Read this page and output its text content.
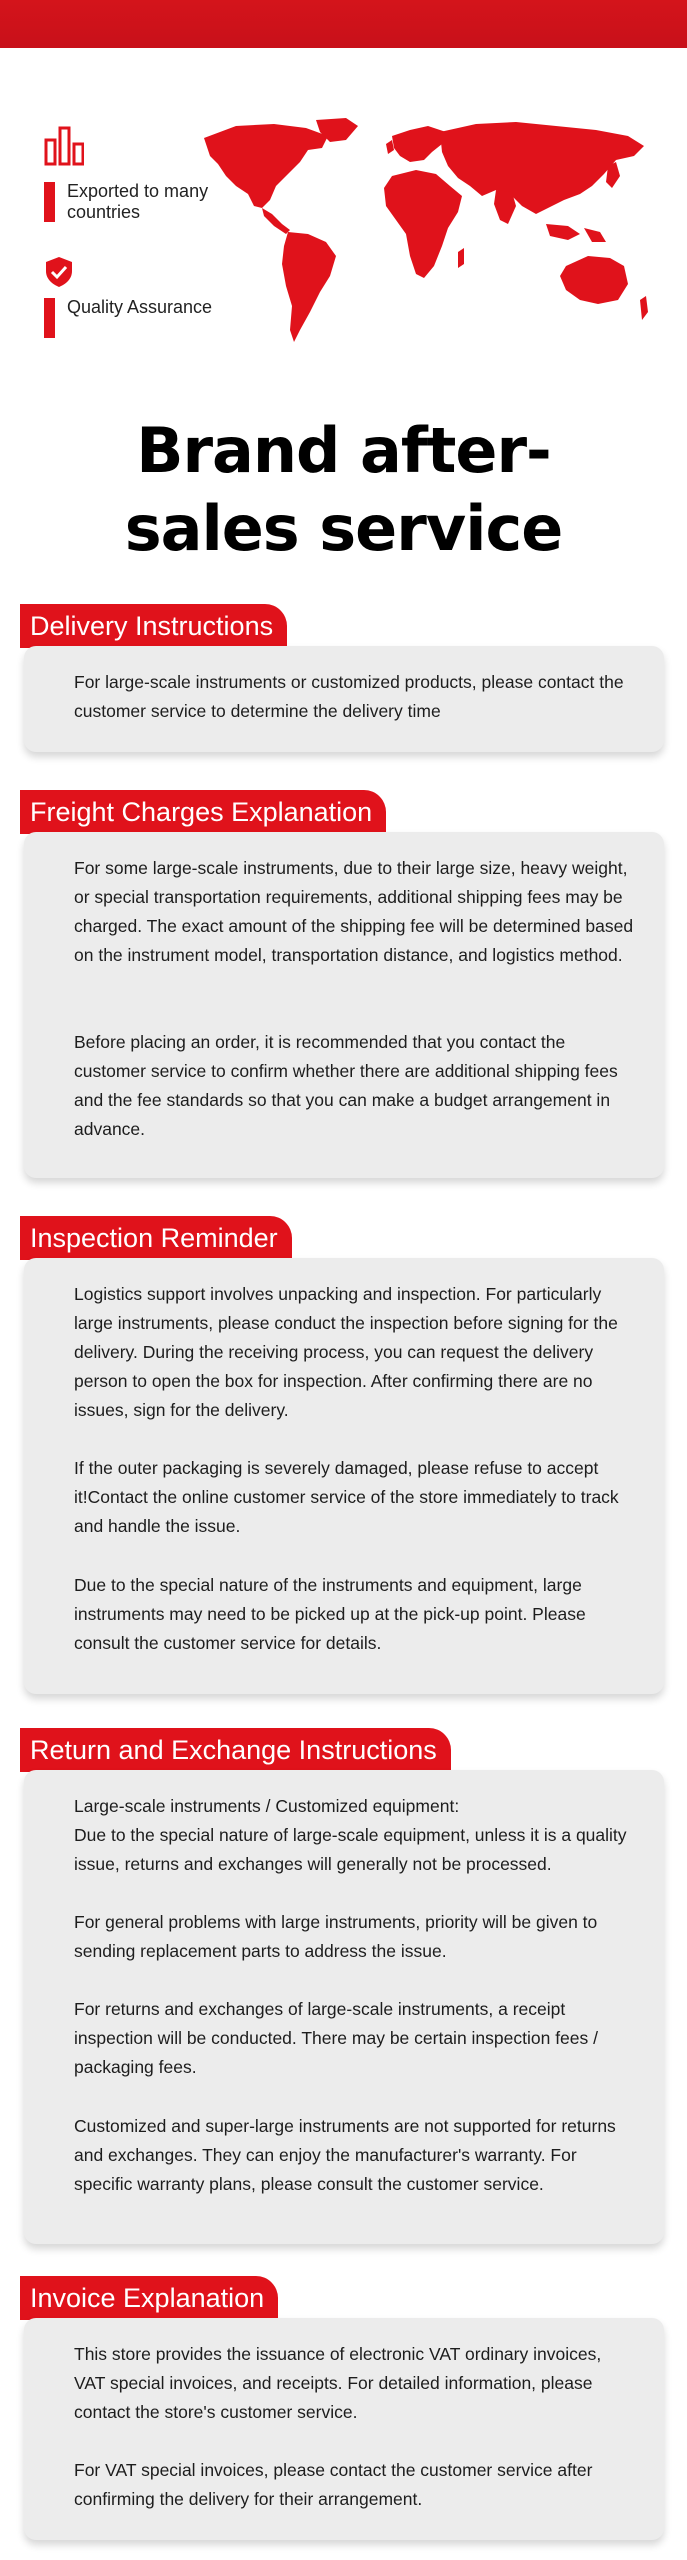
Exported to many countries
Quality Assurance
Brand after-
sales service
Delivery Instructions

For large-scale instruments or customized products, please contact the customer service to determine the delivery time

Freight Charges Explanation

For some large-scale instruments, due to their large size, heavy weight, or special transportation requirements, additional shipping fees may be charged. The exact amount of the shipping fee will be determined based on the instrument model, transportation distance, and logistics method.

Before placing an order, it is recommended that you contact the customer service to confirm whether there are additional shipping fees and the fee standards so that you can make a budget arrangement in advance.

Inspection Reminder

Logistics support involves unpacking and inspection. For particularly large instruments, please conduct the inspection before signing for the delivery. During the receiving process, you can request the delivery person to open the box for inspection. After confirming there are no issues, sign for the delivery.

If the outer packaging is severely damaged, please refuse to accept it!Contact the online customer service of the store immediately to track and handle the issue.

Due to the special nature of the instruments and equipment, large instruments may need to be picked up at the pick-up point. Please consult the customer service for details.

Return and Exchange Instructions

Large-scale instruments / Customized equipment:
Due to the special nature of large-scale equipment, unless it is a quality issue, returns and exchanges will generally not be processed.

For general problems with large instruments, priority will be given to sending replacement parts to address the issue.

For returns and exchanges of large-scale instruments, a receipt inspection will be conducted. There may be certain inspection fees / packaging fees.

Customized and super-large instruments are not supported for returns and exchanges. They can enjoy the manufacturer's warranty. For specific warranty plans, please consult the customer service.

Invoice Explanation

This store provides the issuance of electronic VAT ordinary invoices, VAT special invoices, and receipts. For detailed information, please contact the store's customer service.

For VAT special invoices, please contact the customer service after confirming the delivery for their arrangement.
